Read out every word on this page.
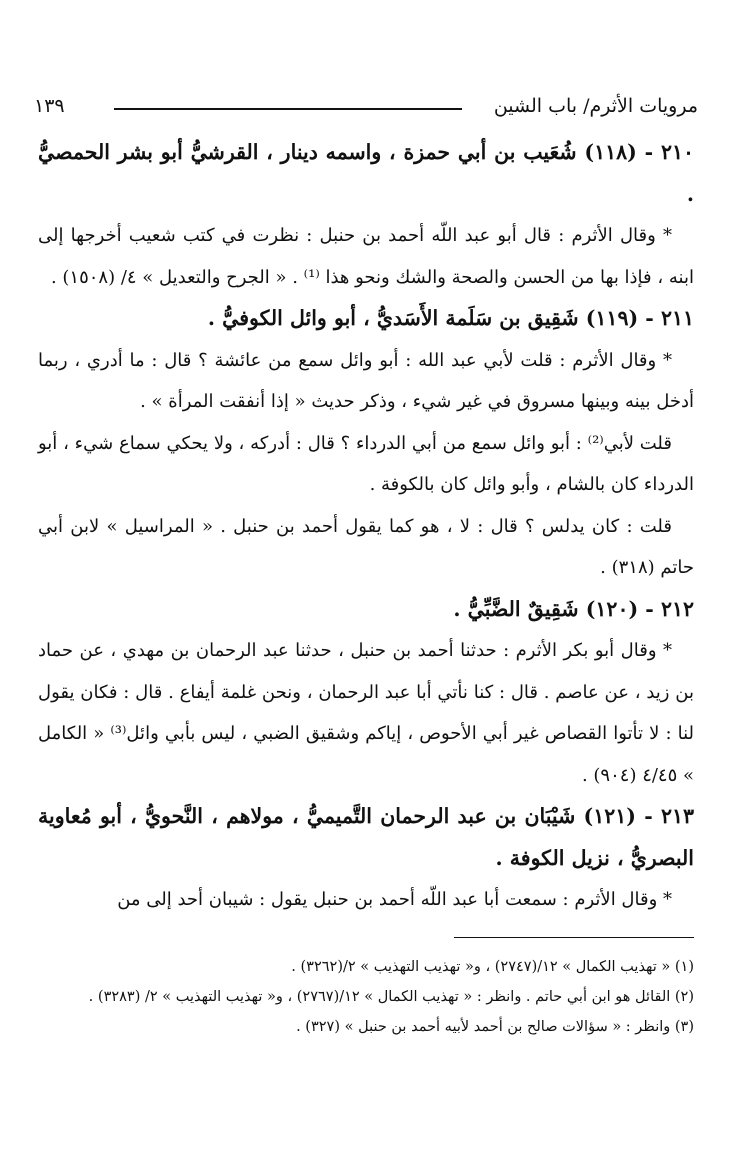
مرويات الأثرم/ باب الشين
١٣٩

٢١٠ - (١١٨) شُعَيب بن أبي حمزة ، واسمه دينار ، القرشيُّ أبو بشر الحمصيُّ .

* وقال الأثرم : قال أبو عبد اللّه أحمد بن حنبل : نظرت في كتب شعيب أخرجها إلى ابنه ، فإذا بها من الحسن والصحة والشك ونحو هذا ⁽¹⁾ . « الجرح والتعديل » ٤/ (١٥٠٨) .

٢١١ - (١١٩) شَقِيق بن سَلَمة الأَسَديُّ ، أبو وائل الكوفيُّ .

* وقال الأثرم : قلت لأبي عبد الله : أبو وائل سمع من عائشة ؟ قال : ما أدري ، ربما أدخل بينه وبينها مسروق في غير شيء ، وذكر حديث « إذا أنفقت المرأة » .

قلت لأبي⁽²⁾ : أبو وائل سمع من أبي الدرداء ؟ قال : أدركه ، ولا يحكي سماع شيء ، أبو الدرداء كان بالشام ، وأبو وائل كان بالكوفة .

قلت : كان يدلس ؟ قال : لا ، هو كما يقول أحمد بن حنبل . « المراسيل » لابن أبي حاتم (٣١٨) .

٢١٢ - (١٢٠) شَقِيقٌ الضَّبِّيُّ .

* وقال أبو بكر الأثرم : حدثنا أحمد بن حنبل ، حدثنا عبد الرحمان بن مهدي ، عن حماد بن زيد ، عن عاصم . قال : كنا نأتي أبا عبد الرحمان ، ونحن غلمة أيفاع . قال : فكان يقول لنا : لا تأتوا القصاص غير أبي الأحوص ، إياكم وشقيق الضبي ، ليس بأبي وائل⁽³⁾ « الكامل » ٤/٤٥ (٩٠٤) .

٢١٣ - (١٢١) شَيْبَان بن عبد الرحمان التَّميميُّ ، مولاهم ، النَّحويُّ ، أبو مُعاوية البصريُّ ، نزيل الكوفة .

* وقال الأثرم : سمعت أبا عبد اللّه أحمد بن حنبل يقول : شيبان أحد إلى من

(١) « تهذيب الكمال » ١٢/(٢٧٤٧) ، و« تهذيب التهذيب » ٢/(٣٢٦٢) .

(٢) القائل هو ابن أبي حاتم . وانظر : « تهذيب الكمال » ١٢/(٢٧٦٧) ، و« تهذيب التهذيب » ٢/ (٣٢٨٣) .

(٣) وانظر : « سؤالات صالح بن أحمد لأبيه أحمد بن حنبل » (٣٢٧) .
